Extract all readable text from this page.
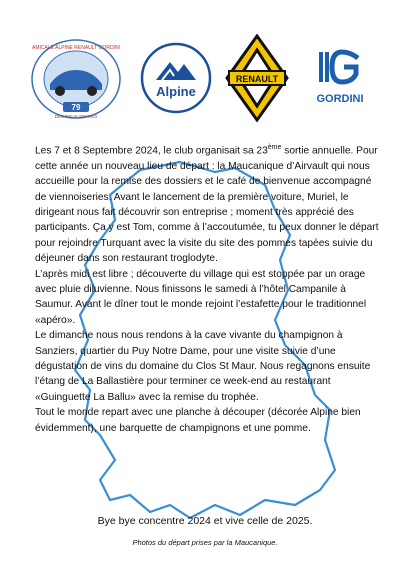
79
AMICALE ALPINE RENAULT GORDINI
DES DEUX-SEVRES
Alpine
RENAULT
GORDINI

Les 7 et 8 Septembre 2024, le club organisait sa 23ème sortie annuelle. Pour cette année un nouveau lieu de départ : la Maucanique d’Airvault qui nous accueille pour la remise des dossiers et le café de bienvenue accompagné de viennoiseries. Avant le lancement de la première voiture, Muriel, le dirigeant nous fait découvrir son entreprise ; moment très apprécié des participants. Ça y est Tom, comme à l’accoutumée, tu peux donner le départ pour rejoindre Turquant avec la visite du site des pommes tapées suivie du déjeuner dans son restaurant troglodyte.

L’après midi est libre ; découverte du village qui est stoppée par un orage avec pluie diluvienne. Nous finissons le samedi à l’hôtel Campanile à Saumur. Avant le dîner tout le monde rejoint l’estafette pour le traditionnel «apéro».

Le dimanche nous nous rendons à la cave vivante du champignon à Sanziers, quartier du Puy Notre Dame, pour une visite suivie d’une dégustation de vins du domaine du Clos St Maur. Nous regagnons ensuite l’étang de La Ballastière pour terminer ce week-end au restaurant «Guinguette La Ballu» avec la remise du trophée.

Tout le monde repart avec une planche à découper (décorée Alpine bien évidemment), une barquette de champignons et une pomme.

Bye bye concentre 2024 et vive celle de 2025.
Photos du départ prises par la Maucanique.
